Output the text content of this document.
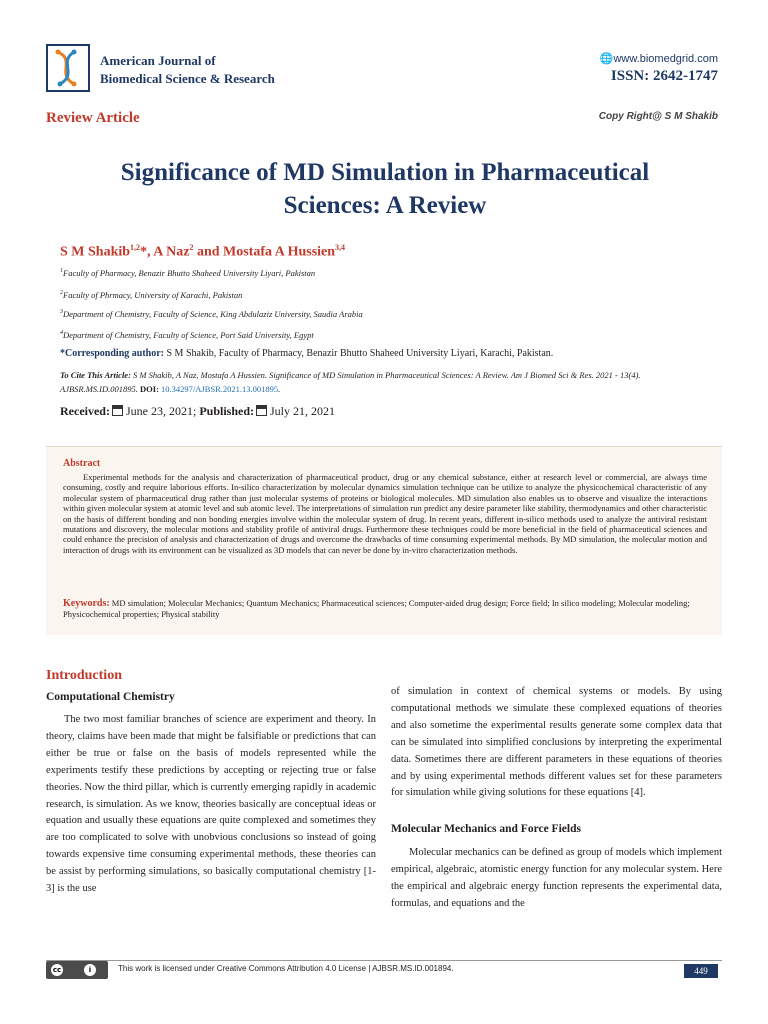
American Journal of
Biomedical Science & Research
🌐www.biomedgrid.com
ISSN: 2642-1747
Review Article	Copy Right@ S M Shakib
Significance of MD Simulation in Pharmaceutical
Sciences: A Review
S M Shakib$^{1,2}$*, A Naz$^2$ and Mostafa A Hussien$^{3,4}$
$^1$Faculty of Pharmacy, Benazir Bhutto Shaheed University Liyari, Pakistan
$^2$Faculty of Phrmacy, University of Karachi, Pakistan
$^3$Department of Chemistry, Faculty of Science, King Abdulaziz University, Saudia Arabia
$^4$Department of Chemistry, Faculty of Science, Port Said University, Egypt
*Corresponding author: S M Shakib, Faculty of Pharmacy, Benazir Bhutto Shaheed University Liyari, Karachi, Pakistan.
To Cite This Article: S M Shakib, A Naz, Mostafa A Hussien. Significance of MD Simulation in Pharmaceutical Sciences: A Review. Am J Biomed Sci & Res. 2021 - 13(4). AJBSR.MS.ID.001895. DOI: 10.34297/AJBSR.2021.13.001895.
Received: June 23, 2021; Published: July 21, 2021
Abstract
Experimental methods for the analysis and characterization of pharmaceutical product, drug or any chemical substance, either at research level or commercial, are always time consuming, costly and require laborious efforts. In-silico characterization by molecular dynamics simulation technique can be utilize to analyze the physicochemical characteristic of any molecular system of pharmaceutical drug rather than just molecular systems of proteins or biological molecules. MD simulation also enables us to observe and visualize the interactions within given molecular system at atomic level and sub atomic level. The interpretations of simulation run predict any desire parameter like stability, thermodynamics and other characteristic on the basis of different bonding and non bonding energies involve within the molecular system of drug. In recent years, different in-silico methods used to analyze the antiviral resistant mutations and discovery, the molecular motions and stability profile of antiviral drugs. Furthermore these techniques could be more beneficial in the field of pharmaceutical sciences and could enhance the precision of analysis and characterization of drugs and overcome the drawbacks of time consuming experimental methods. By MD simulation, the molecular motion and interaction of drugs with its environment can be visualized as 3D models that can never be done by in-vitro characterization methods.
Keywords: MD simulation; Molecular Mechanics; Quantum Mechanics; Pharmaceutical sciences; Computer-aided drug design; Force field; In silico modeling; Molecular modeling; Physicochemical properties; Physical stability
Introduction
Computational Chemistry
The two most familiar branches of science are experiment and theory. In theory, claims have been made that might be falsifiable or predictions that can either be true or false on the basis of models represented while the experiments testify these predictions by accepting or rejecting true or false theories. Now the third pillar, which is currently emerging rapidly in academic research, is simulation. As we know, theories basically are conceptual ideas or equation and usually these equations are quite complexed and sometimes they are too complicated to solve with unobvious conclusions so instead of going towards expensive time consuming experimental methods, these theories can be assist by performing simulations, so basically computational chemistry [1-3] is the use
of simulation in context of chemical systems or models. By using computational methods we simulate these complexed equations of theories and also sometime the experimental results generate some complex data that can be simulated into simplified conclusions by interpreting the experimental data. Sometimes there are different parameters in these equations of theories and by using experimental methods different values set for these parameters for simulation while giving solutions for these equations [4].
Molecular Mechanics and Force Fields
Molecular mechanics can be defined as group of models which implement empirical, algebraic, atomistic energy function for any molecular system. Here the empirical and algebraic energy function represents the experimental data, formulas, and equations and the
cc	i	This work is licensed under Creative Commons Attribution 4.0 License | AJBSR.MS.ID.001894.	449
